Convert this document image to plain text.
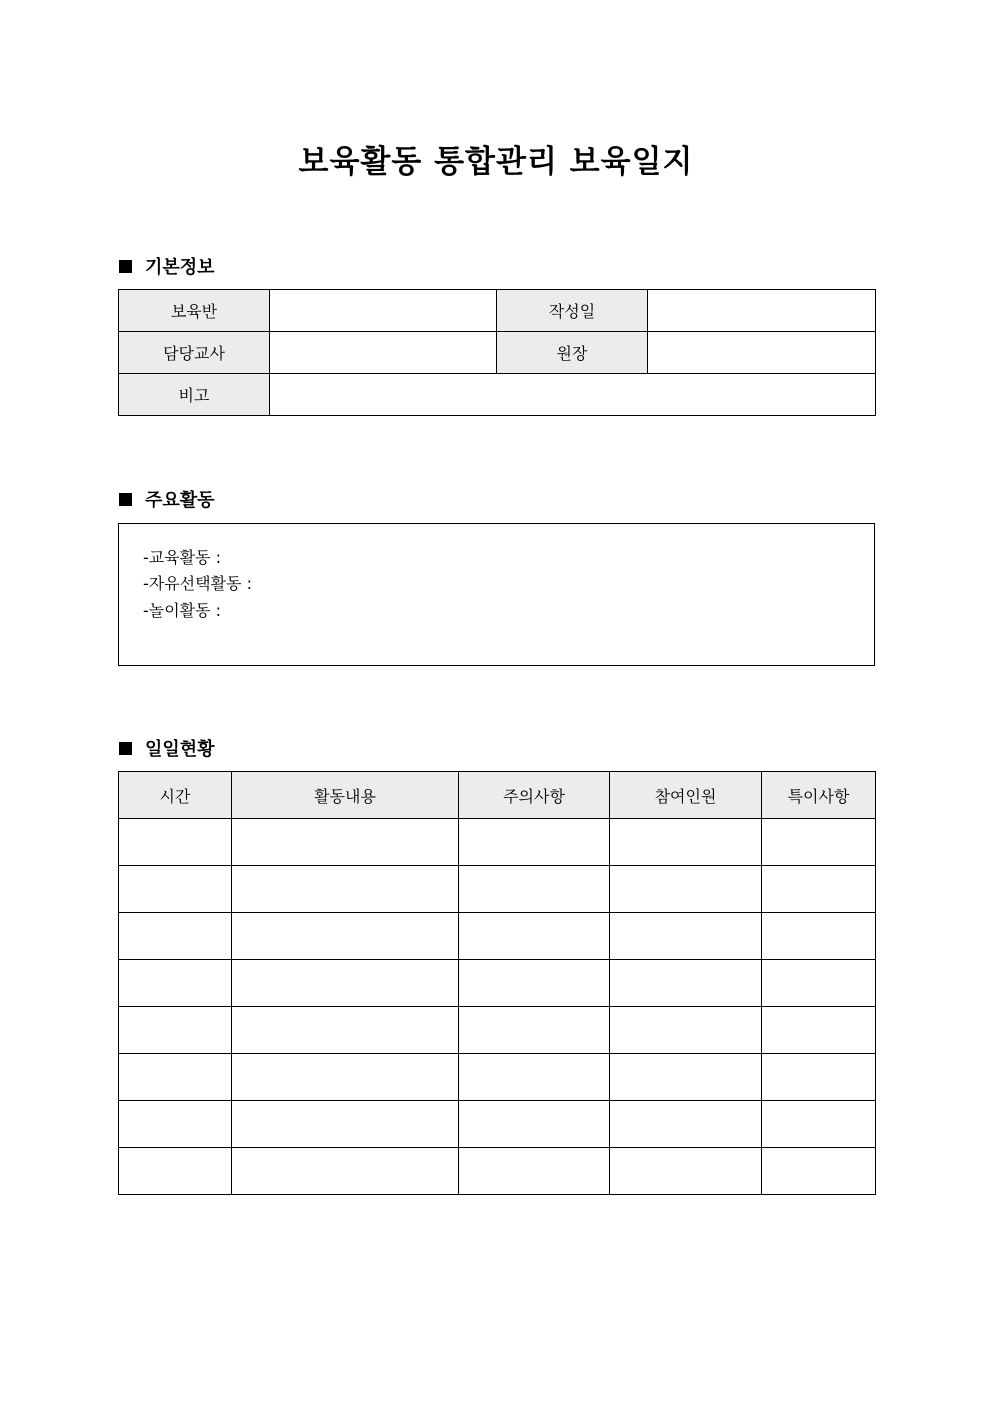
보육활동 통합관리 보육일지
기본정보
보육반		작성일	
담당교사		원장	
비고			
주요활동
-교육활동 :
-자유선택활동 :
-놀이활동 :
일일현황
시간	활동내용	주의사항	참여인원	특이사항
